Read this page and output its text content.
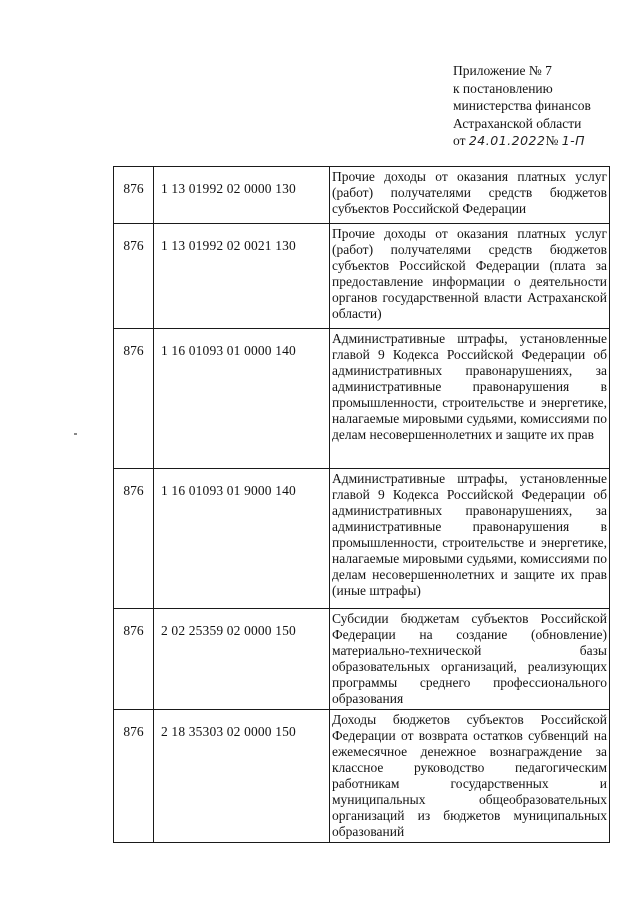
Приложение № 7
к постановлению
министерства финансов
Астраханской области
от 24.01.2022№ 1-П
876	1 13 01992 02 0000 130	Прочие доходы от оказания платных услуг (работ) получателями средств бюджетов субъектов Российской Федерации
876	1 13 01992 02 0021 130	Прочие доходы от оказания платных услуг (работ) получателями средств бюджетов субъектов Российской Федерации (плата за предоставление информации о деятельности органов государственной власти Астраханской области)
876	1 16 01093 01 0000 140	Административные штрафы, установленные главой 9 Кодекса Российской Федерации об административных правонарушениях, за административные правонарушения в промышленности, строительстве и энергетике, налагаемые мировыми судьями, комиссиями по делам несовершеннолетних и защите их прав
876	1 16 01093 01 9000 140	Административные штрафы, установленные главой 9 Кодекса Российской Федерации об административных правонарушениях, за административные правонарушения в промышленности, строительстве и энергетике, налагаемые мировыми судьями, комиссиями по делам несовершеннолетних и защите их прав (иные штрафы)
876	2 02 25359 02 0000 150	Субсидии бюджетам субъектов Российской Федерации на создание (обновление) материально-технической базы образовательных организаций, реализующих программы среднего профессионального образования
876	2 18 35303 02 0000 150	Доходы бюджетов субъектов Российской Федерации от возврата остатков субвенций на ежемесячное денежное вознаграждение за классное руководство педагогическим работникам государственных и муниципальных общеобразовательных организаций из бюджетов муниципальных образований
